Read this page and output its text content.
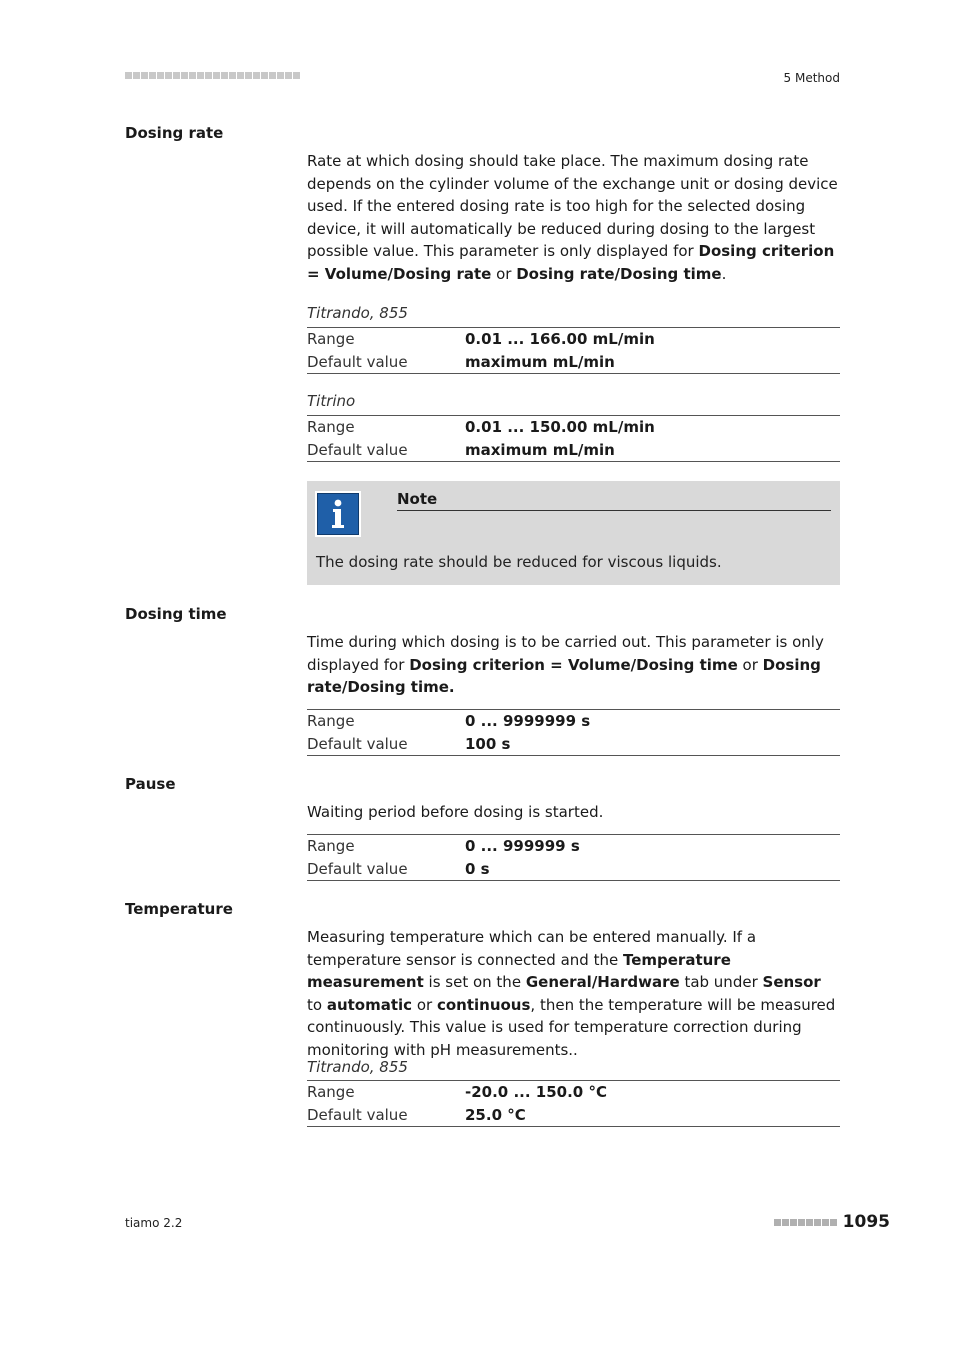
5 Method
Dosing rate

Rate at which dosing should take place. The maximum dosing rate depends on the cylinder volume of the exchange unit or dosing device used. If the entered dosing rate is too high for the selected dosing device, it will automatically be reduced during dosing to the largest possible value. This parameter is only displayed for Dosing criterion = Volume/Dosing rate or Dosing rate/Dosing time.

Titrando, 855
Range	0.01 ... 166.00 mL/min
Default value	maximum mL/min
Titrino
Range	0.01 ... 150.00 mL/min
Default value	maximum mL/min
Note
The dosing rate should be reduced for viscous liquids.
Dosing time

Time during which dosing is to be carried out. This parameter is only displayed for Dosing criterion = Volume/Dosing time or Dosing rate/Dosing time.

Range	0 ... 9999999 s
Default value	100 s
Pause

Waiting period before dosing is started.

Range	0 ... 999999 s
Default value	0 s
Temperature

Measuring temperature which can be entered manually. If a temperature sensor is connected and the Temperature measurement is set on the General/Hardware tab under Sensor to automatic or continuous, then the temperature will be measured continuously. This value is used for temperature correction during monitoring with pH measurements..

Titrando, 855
Range	-20.0 ... 150.0 °C
Default value	25.0 °C
tiamo 2.2	1095
